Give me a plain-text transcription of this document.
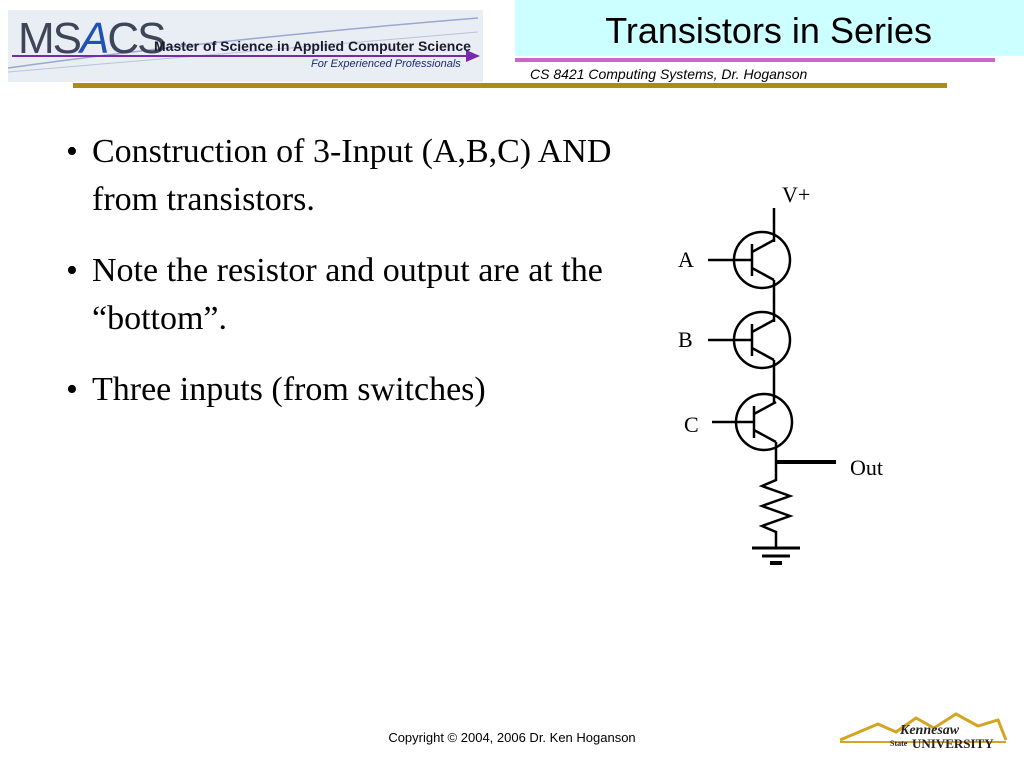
MSACS
Master of Science in Applied Computer Science
For Experienced Professionals
Transistors in Series
CS 8421 Computing Systems, Dr. Hoganson
• Construction of 3-Input (A,B,C) AND from transistors.
• Note the resistor and output are at the “bottom”.
• Three inputs (from switches)
V+
A
B
C
Out
Copyright © 2004, 2006 Dr. Ken Hoganson	Kennesaw
State UNIVERSITY
